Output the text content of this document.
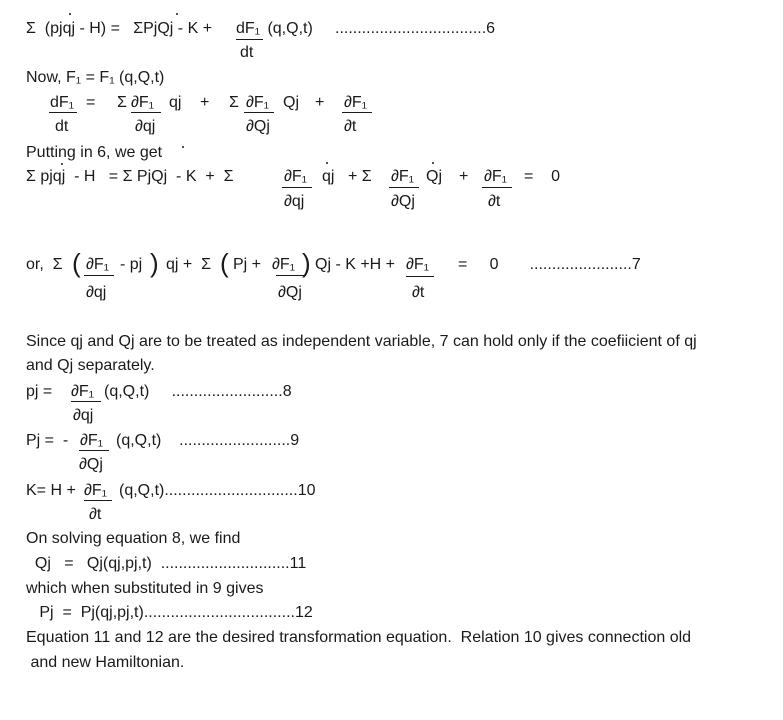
Σ  (pjqj - H) =   ΣPjQj - K + dF₁
dt
(q,Q,t)     ..................................6
Now, F₁ = F₁ (q,Q,t)
dF₁
dt
= Σ ∂F₁
∂qj
qj + Σ ∂F₁
∂Qj
Qj + ∂F₁
∂t
Putting in 6, we get
Σ pjqj  - H   = Σ PjQj  - K  +  Σ	∂F₁
∂qj
qj + Σ ∂F₁
∂Qj
Qj + ∂F₁
∂t
=    0
or,  Σ ( ∂F₁
∂qj
- pj ) qj +  Σ ( Pj + ∂F₁
∂Qj
) Qj - K +H + ∂F₁
∂t
=     0       .......................7
Since qj and Qj are to be treated as independent variable, 7 can hold only if the coefiicient of qj
and Qj separately.
pj = ∂F₁
∂qj
(q,Q,t)     .........................8
Pj =  - ∂F₁
∂Qj
(q,Q,t)    .........................9
K= H + ∂F₁
∂t
(q,Q,t)..............................10
On solving equation 8, we find
Qj   =   Qj(qj,pj,t)  .............................11
which when substituted in 9 gives
Pj  =  Pj(qj,pj,t)..................................12
Equation 11 and 12 are the desired transformation equation.  Relation 10 gives connection old
and new Hamiltonian.
